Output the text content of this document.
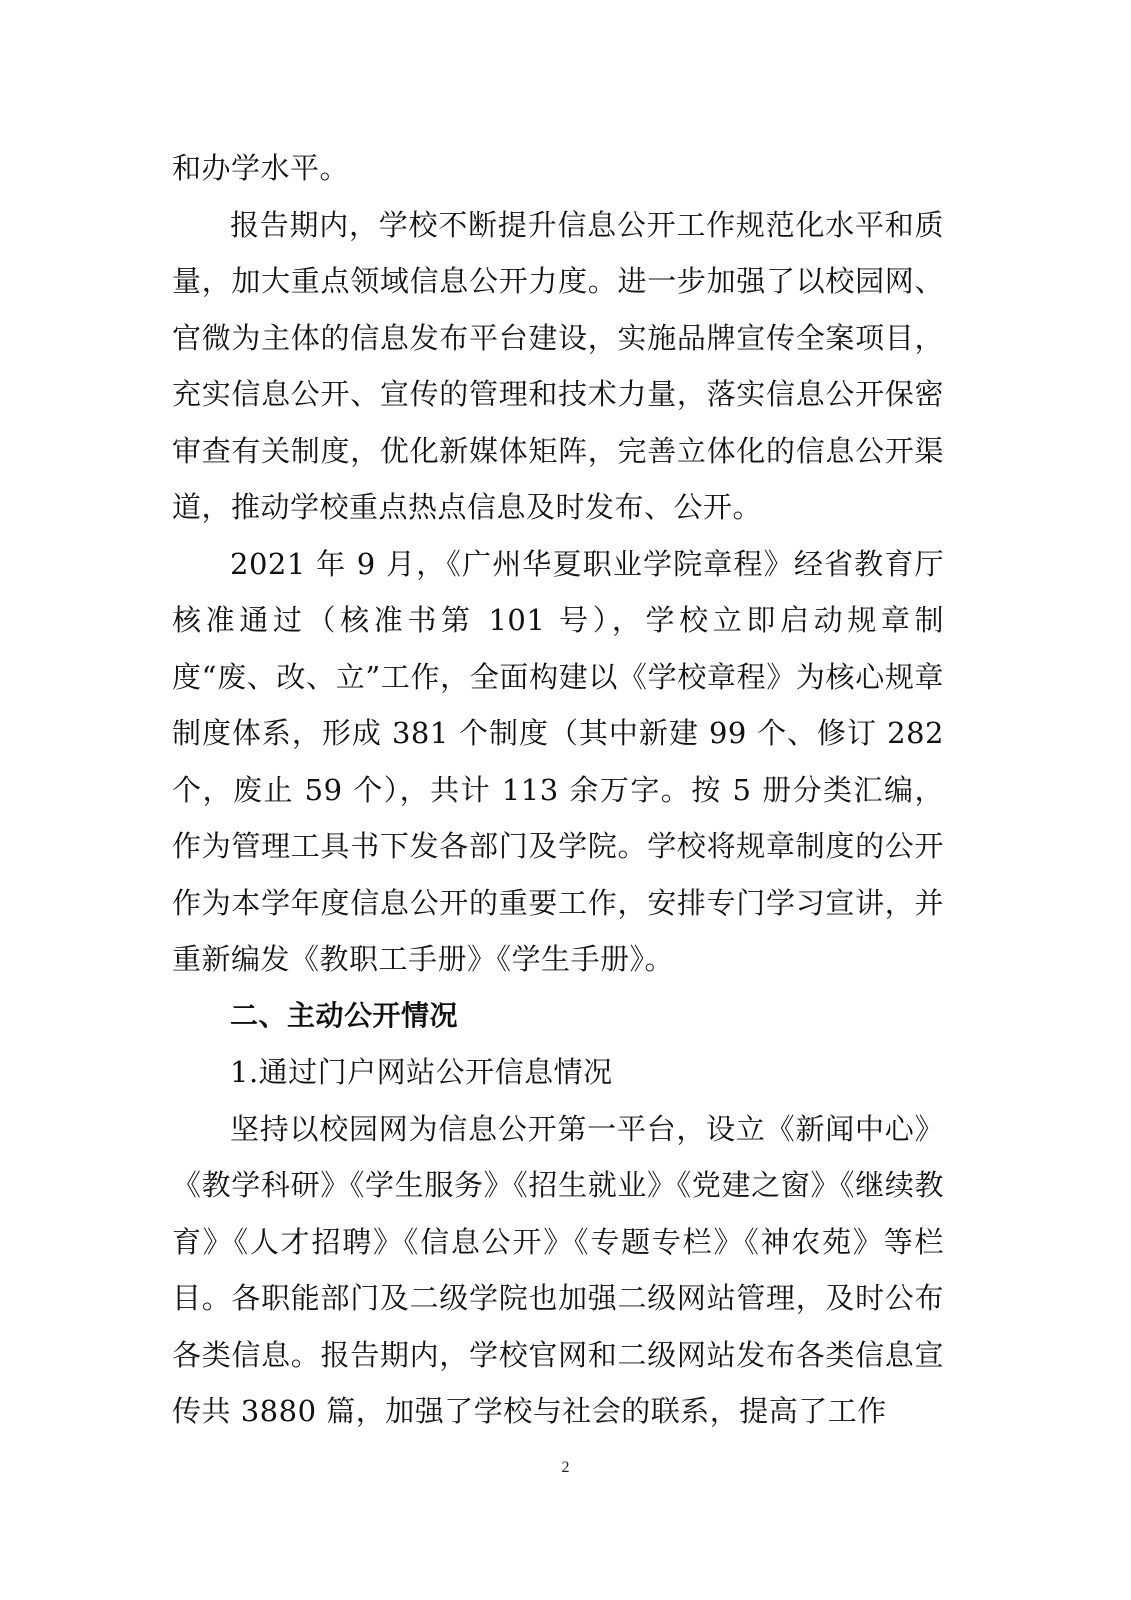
和办学水平。

报告期内，学校不断提升信息公开工作规范化水平和质量，加大重点领域信息公开力度。进一步加强了以校园网、官微为主体的信息发布平台建设，实施品牌宣传全案项目，充实信息公开、宣传的管理和技术力量，落实信息公开保密审查有关制度，优化新媒体矩阵，完善立体化的信息公开渠道，推动学校重点热点信息及时发布、公开。

2021 年 9 月，《广州华夏职业学院章程》经省教育厅核准通过（核准书第 101 号），学校立即启动规章制度“废、改、立”工作，全面构建以《学校章程》为核心规章制度体系，形成 381 个制度（其中新建 99 个、修订 282 个，废止 59 个），共计 113 余万字。按 5 册分类汇编，作为管理工具书下发各部门及学院。学校将规章制度的公开作为本学年度信息公开的重要工作，安排专门学习宣讲，并重新编发《教职工手册》《学生手册》。

二、主动公开情况

1.通过门户网站公开信息情况

坚持以校园网为信息公开第一平台，设立《新闻中心》《教学科研》《学生服务》《招生就业》《党建之窗》《继续教育》《人才招聘》《信息公开》《专题专栏》《神农苑》等栏目。各职能部门及二级学院也加强二级网站管理，及时公布各类信息。报告期内，学校官网和二级网站发布各类信息宣传共 3880 篇，加强了学校与社会的联系，提高了工作

2
